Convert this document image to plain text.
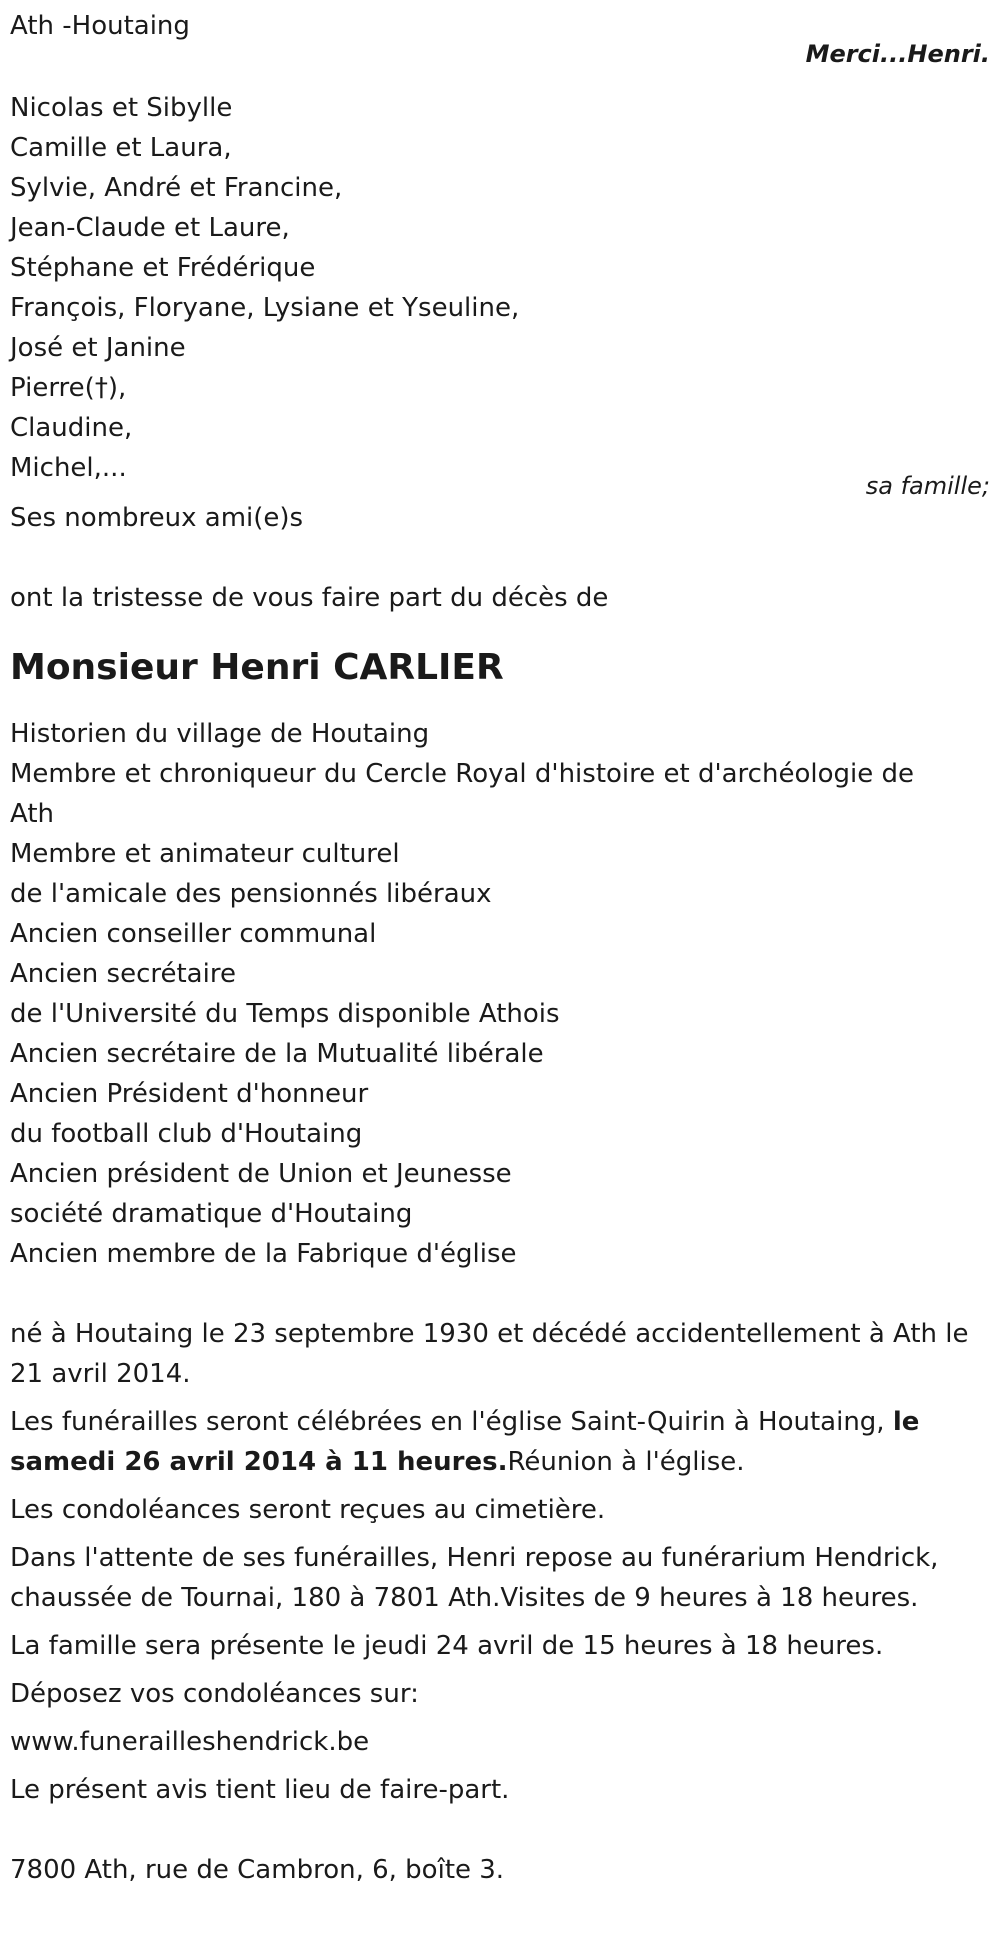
Merci...Henri.
sa famille;
Ath -Houtaing
Nicolas et Sibylle
Camille et Laura,
Sylvie, André et Francine,
Jean-Claude et Laure,
Stéphane et Frédérique
François, Floryane, Lysiane et Yseuline,
José et Janine
Pierre(†),
Claudine,
Michel,...
Ses nombreux ami(e)s
ont la tristesse de vous faire part du décès de
Monsieur Henri CARLIER
Historien du village de Houtaing
Membre et chroniqueur du Cercle Royal d'histoire et d'archéologie de
Ath
Membre et animateur culturel
de l'amicale des pensionnés libéraux
Ancien conseiller communal
Ancien secrétaire
de l'Université du Temps disponible Athois
Ancien secrétaire de la Mutualité libérale
Ancien Président d'honneur
du football club d'Houtaing
Ancien président de Union et Jeunesse
société dramatique d'Houtaing
Ancien membre de la Fabrique d'église
né à Houtaing le 23 septembre 1930 et décédé accidentellement à Ath le
21 avril 2014.
Les funérailles seront célébrées en l'église Saint-Quirin à Houtaing, le
samedi 26 avril 2014 à 11 heures.Réunion à l'église.
Les condoléances seront reçues au cimetière.
Dans l'attente de ses funérailles, Henri repose au funérarium Hendrick,
chaussée de Tournai, 180 à 7801 Ath.Visites de 9 heures à 18 heures.
La famille sera présente le jeudi 24 avril de 15 heures à 18 heures.
Déposez vos condoléances sur:
www.funerailleshendrick.be
Le présent avis tient lieu de faire-part.
7800 Ath, rue de Cambron, 6, boîte 3.
